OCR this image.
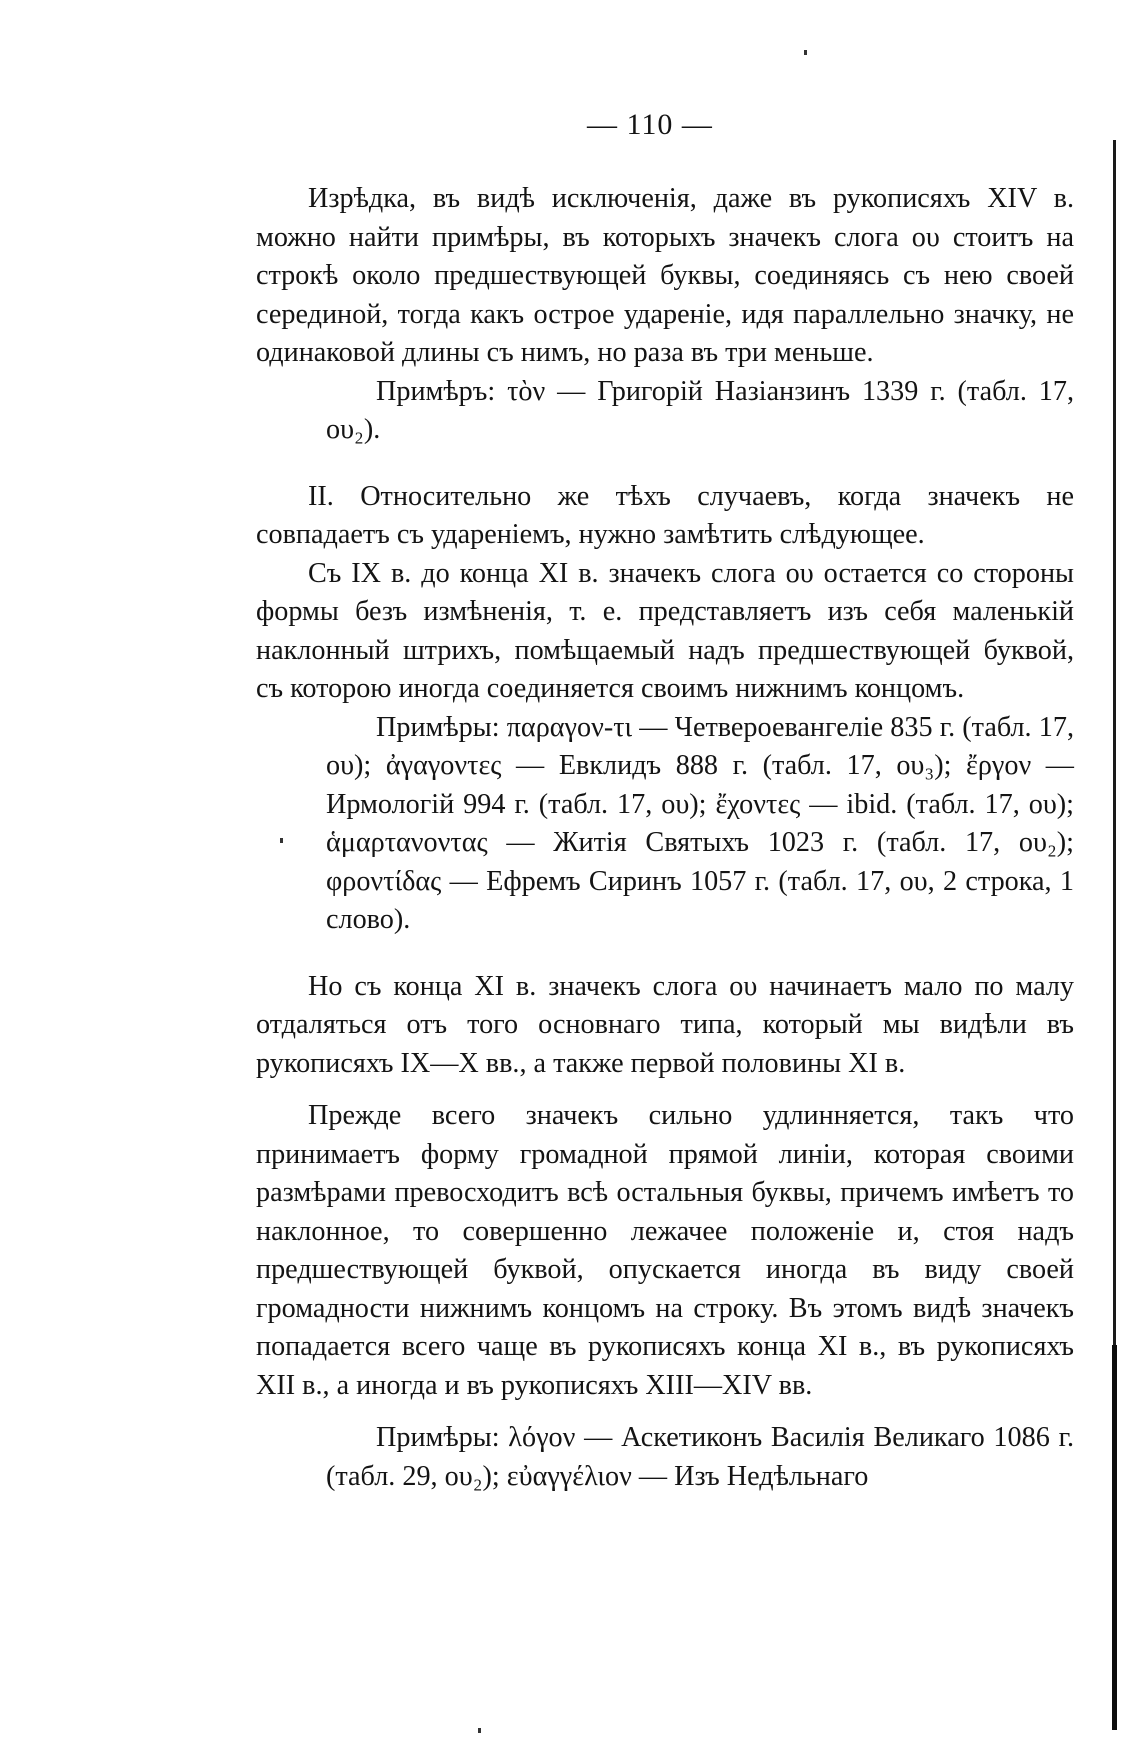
— 110 —

Изрѣдка, въ видѣ исключенія, даже въ рукописяхъ XIV в. можно найти примѣры, въ которыхъ значекъ слога ου стоитъ на строкѣ около предшествующей буквы, соединяясь съ нею своей серединой, тогда какъ острое удареніе, идя параллельно значку, не одинаковой длины съ нимъ, но раза въ три меньше.

Примѣръ: τὸν — Григорій Назіанзинъ 1339 г. (табл. 17, ου₂).

II. Относительно же тѣхъ случаевъ, когда значекъ не совпадаетъ съ удареніемъ, нужно замѣтить слѣдующее.

Съ IX в. до конца XI в. значекъ слога ου остается со стороны формы безъ измѣненія, т. е. представляетъ изъ себя маленькій наклонный штрихъ, помѣщаемый надъ предшествующей буквой, съ которою иногда соединяется своимъ нижнимъ концомъ.

Примѣры: παραγον-τι — Четвероевангеліе 835 г. (табл. 17, ου); ἀγαγοντες — Евклидъ 888 г. (табл. 17, ου₃); ἔργον — Ирмологій 994 г. (табл. 17, ου); ἔχοντες — ibid. (табл. 17, ου); ἁμαρτανοντας — Житія Святыхъ 1023 г. (табл. 17, ου₂); φροντίδας — Ефремъ Сиринъ 1057 г. (табл. 17, ου, 2 строка, 1 слово).

Но съ конца XI в. значекъ слога ου начинаетъ мало по малу отдаляться отъ того основнаго типа, который мы видѣли въ рукописяхъ IX—X вв., а также первой половины XI в.

Прежде всего значекъ сильно удлинняется, такъ что принимаетъ форму громадной прямой линіи, которая своими размѣрами превосходитъ всѣ остальныя буквы, причемъ имѣетъ то наклонное, то совершенно лежачее положеніе и, стоя надъ предшествующей буквой, опускается иногда въ виду своей громадности нижнимъ концомъ на строку. Въ этомъ видѣ значекъ попадается всего чаще въ рукописяхъ конца XI в., въ рукописяхъ XII в., а иногда и въ рукописяхъ XIII—XIV вв.

Примѣры: λόγον — Аскетиконъ Василія Великаго 1086 г. (табл. 29, ου₂); εὐαγγέλιον — Изъ Недѣльнаго
